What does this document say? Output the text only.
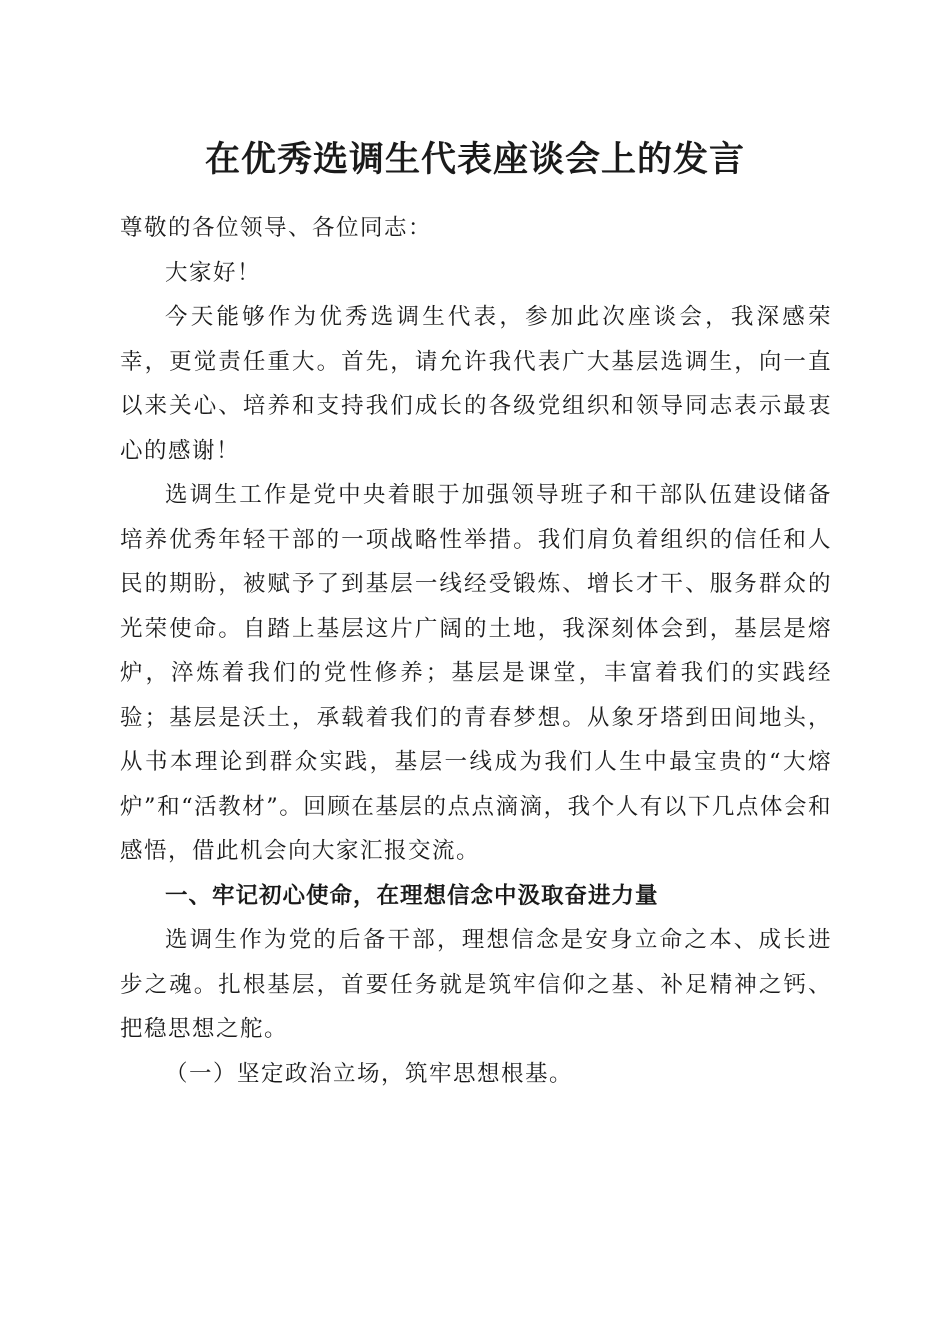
在优秀选调生代表座谈会上的发言

尊敬的各位领导、各位同志：

大家好！

今天能够作为优秀选调生代表，参加此次座谈会，我深感荣幸，更觉责任重大。首先，请允许我代表广大基层选调生，向一直以来关心、培养和支持我们成长的各级党组织和领导同志表示最衷心的感谢！

选调生工作是党中央着眼于加强领导班子和干部队伍建设储备培养优秀年轻干部的一项战略性举措。我们肩负着组织的信任和人民的期盼，被赋予了到基层一线经受锻炼、增长才干、服务群众的光荣使命。自踏上基层这片广阔的土地，我深刻体会到，基层是熔炉，淬炼着我们的党性修养；基层是课堂，丰富着我们的实践经验；基层是沃土，承载着我们的青春梦想。从象牙塔到田间地头，从书本理论到群众实践，基层一线成为我们人生中最宝贵的“大熔炉”和“活教材”。回顾在基层的点点滴滴，我个人有以下几点体会和感悟，借此机会向大家汇报交流。

一、牢记初心使命，在理想信念中汲取奋进力量

选调生作为党的后备干部，理想信念是安身立命之本、成长进步之魂。扎根基层，首要任务就是筑牢信仰之基、补足精神之钙、把稳思想之舵。

（一）坚定政治立场，筑牢思想根基。
